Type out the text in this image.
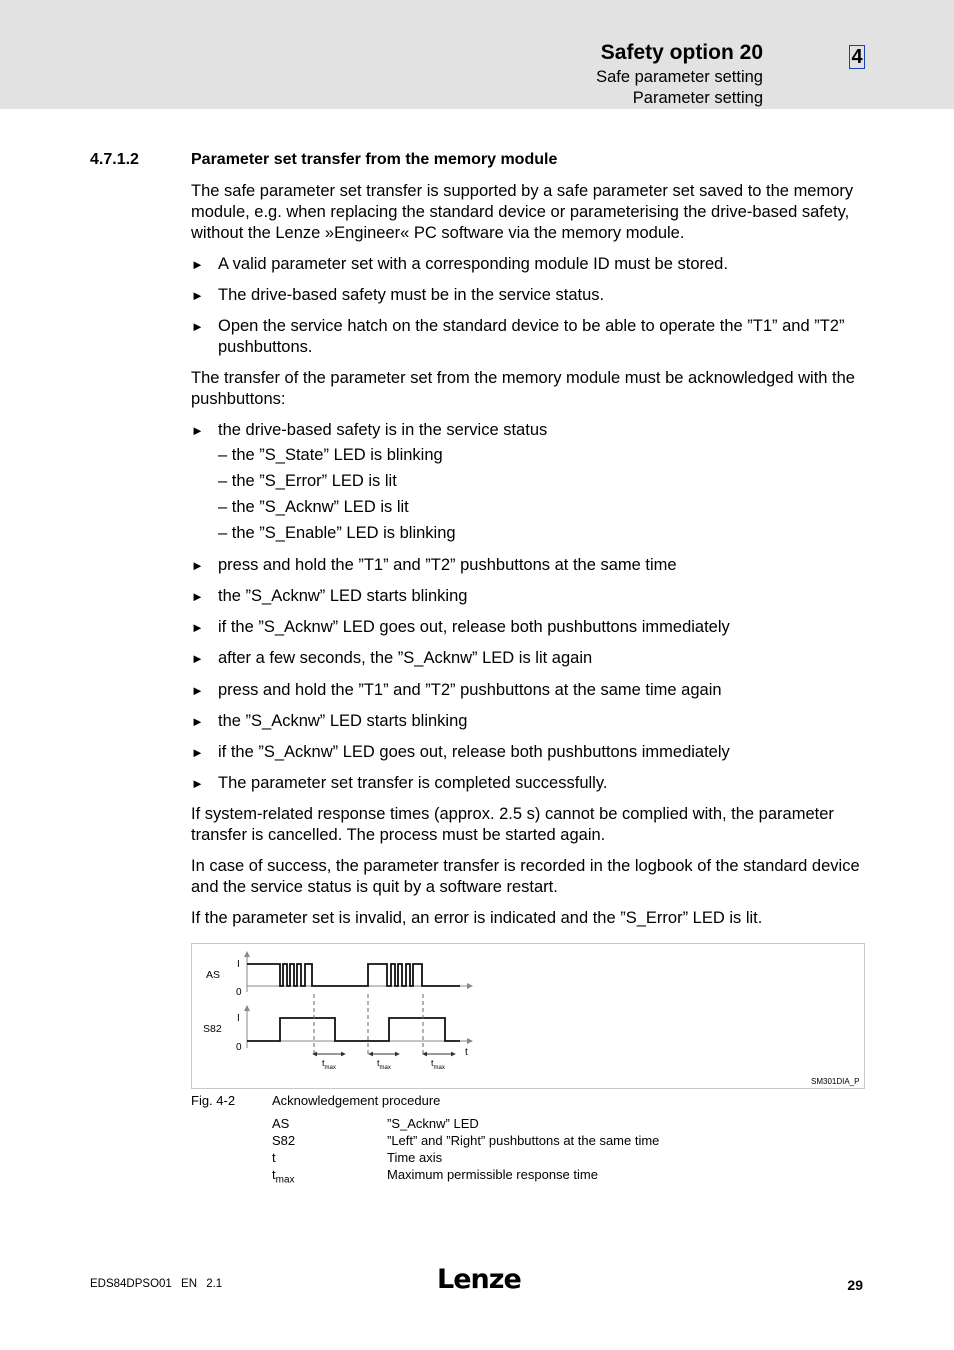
Safety option 20
Safe parameter setting
Parameter setting
4
4.7.1.2	Parameter set transfer from the memory module
The safe parameter set transfer is supported by a safe parameter set saved to the memory module, e.g. when replacing the standard device or parameterising the drive-based safety, without the Lenze »Engineer« PC software via the memory module.
► A valid parameter set with a corresponding module ID must be stored.
► The drive-based safety must be in the service status.
► Open the service hatch on the standard device to be able to operate the ”T1” and ”T2” pushbuttons.
The transfer of the parameter set from the memory module must be acknowledged with the pushbuttons:
► the drive-based safety is in the service status
– the ”S_State” LED is blinking
– the ”S_Error” LED is lit
– the ”S_Acknw” LED is lit
– the ”S_Enable” LED is blinking
► press and hold the ”T1” and ”T2” pushbuttons at the same time
► the ”S_Acknw” LED starts blinking
► if the ”S_Acknw” LED goes out, release both pushbuttons immediately
► after a few seconds, the ”S_Acknw” LED is lit again
► press and hold the ”T1” and ”T2” pushbuttons at the same time again
► the ”S_Acknw” LED starts blinking
► if the ”S_Acknw” LED goes out, release both pushbuttons immediately
► The parameter set transfer is completed successfully.
If system-related response times (approx. 2.5 s) cannot be complied with, the parameter transfer is cancelled. The process must be started again.
In case of success, the parameter transfer is recorded in the logbook of the standard device and the service status is quit by a software restart.
If the parameter set is invalid, an error is indicated and the ”S_Error” LED is lit.
AS
S82
I
0
I
0
$t_{max}$	$t_{max}$	$t_{max}$
t
SM301DIA_P
Fig. 4-2	Acknowledgement procedure
AS	”S_Acknw” LED
S82	”Left” and ”Right” pushbuttons at the same time
t	Time axis
$t_{max}$	Maximum permissible response time
EDS84DPSO01 EN 2.1	Lenze	29
